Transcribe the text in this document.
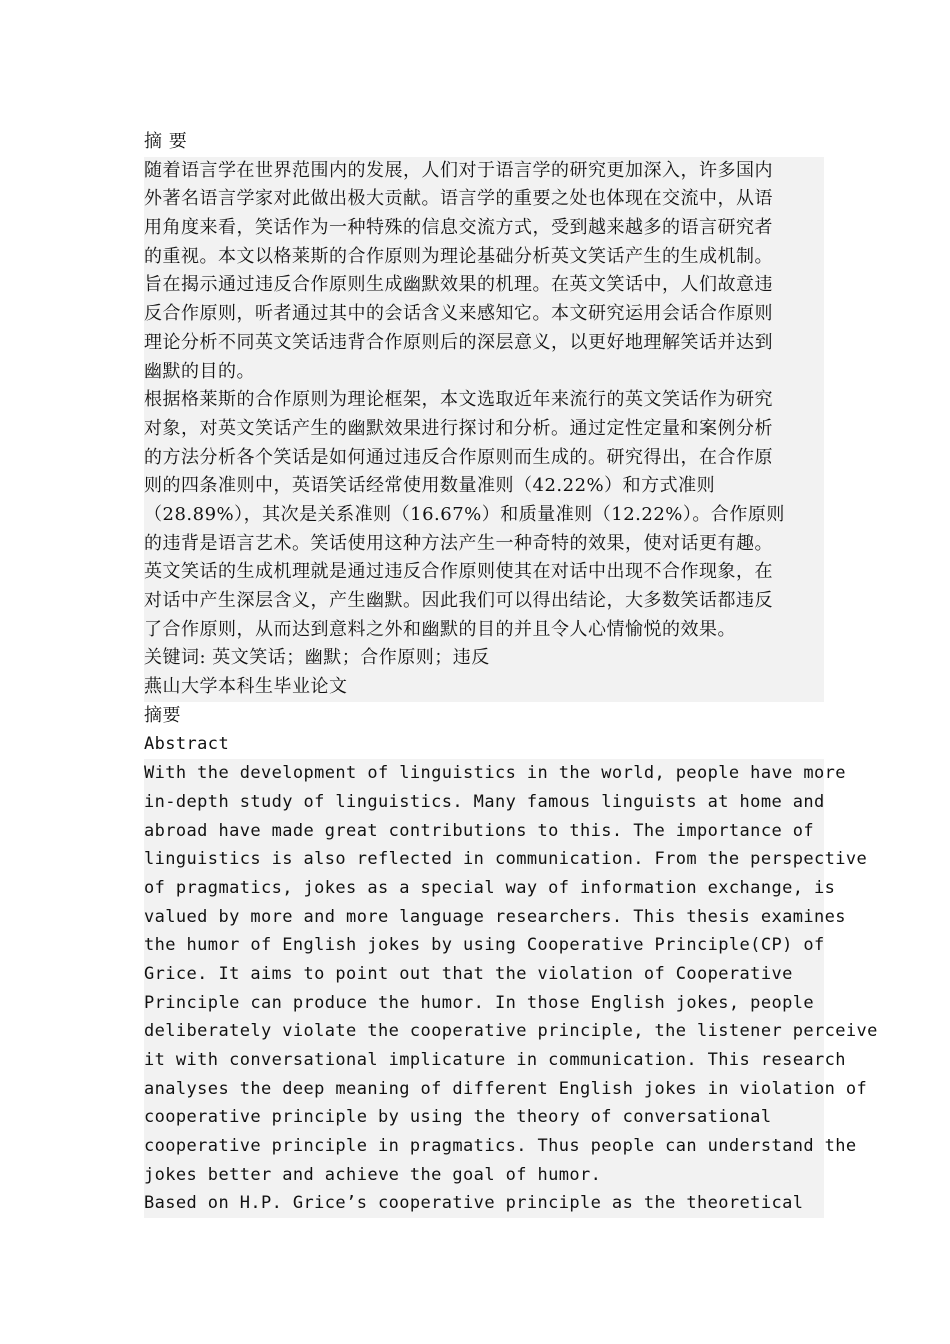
摘 要
随着语言学在世界范围内的发展，人们对于语言学的研究更加深入，许多国内
外著名语言学家对此做出极大贡献。语言学的重要之处也体现在交流中，从语
用角度来看，笑话作为一种特殊的信息交流方式，受到越来越多的语言研究者
的重视。本文以格莱斯的合作原则为理论基础分析英文笑话产生的生成机制。
旨在揭示通过违反合作原则生成幽默效果的机理。在英文笑话中，人们故意违
反合作原则，听者通过其中的会话含义来感知它。本文研究运用会话合作原则
理论分析不同英文笑话违背合作原则后的深层意义，以更好地理解笑话并达到
幽默的目的。
根据格莱斯的合作原则为理论框架，本文选取近年来流行的英文笑话作为研究
对象，对英文笑话产生的幽默效果进行探讨和分析。通过定性定量和案例分析
的方法分析各个笑话是如何通过违反合作原则而生成的。研究得出，在合作原
则的四条准则中，英语笑话经常使用数量准则（42.22%）和方式准则
（28.89%），其次是关系准则（16.67%）和质量准则（12.22%）。合作原则
的违背是语言艺术。笑话使用这种方法产生一种奇特的效果，使对话更有趣。
英文笑话的生成机理就是通过违反合作原则使其在对话中出现不合作现象，在
对话中产生深层含义，产生幽默。因此我们可以得出结论，大多数笑话都违反
了合作原则，从而达到意料之外和幽默的目的并且令人心情愉悦的效果。
关键词: 英文笑话；幽默；合作原则；违反
燕山大学本科生毕业论文
摘要
Abstract
With the development of linguistics in the world, people have more
in-depth study of linguistics. Many famous linguists at home and
abroad have made great contributions to this. The importance of
linguistics is also reflected in communication. From the perspective
of pragmatics, jokes as a special way of information exchange, is
valued by more and more language researchers. This thesis examines
the humor of English jokes by using Cooperative Principle(CP) of
Grice. It aims to point out that the violation of Cooperative
Principle can produce the humor. In those English jokes, people
deliberately violate the cooperative principle, the listener perceive
it with conversational implicature in communication. This research
analyses the deep meaning of different English jokes in violation of
cooperative principle by using the theory of conversational
cooperative principle in pragmatics. Thus people can understand the
jokes better and achieve the goal of humor.
Based on H.P. Grice’s cooperative principle as the theoretical
